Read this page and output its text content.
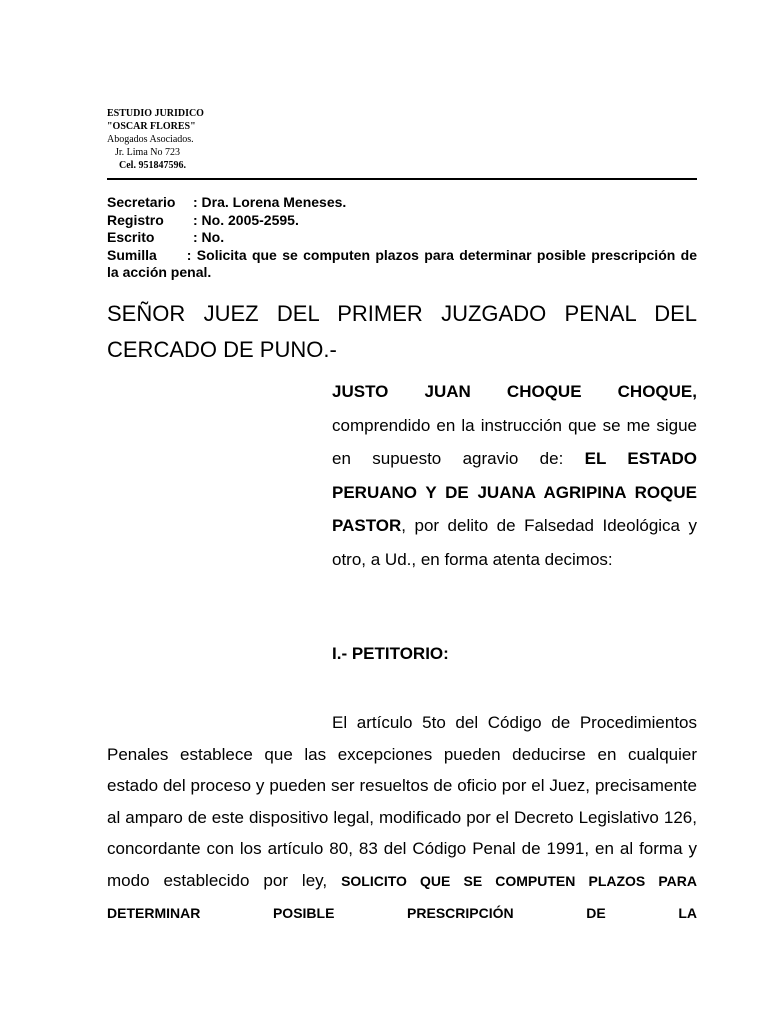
ESTUDIO JURIDICO
"OSCAR FLORES"
Abogados Asociados.
Jr. Lima No 723
Cel. 951847596.
Secretario	: Dra. Lorena Meneses.
Registro	: No. 2005-2595.
Escrito	: No.
Sumilla : Solicita que se computen plazos para determinar posible prescripción de la acción penal.
SEÑOR JUEZ DEL PRIMER JUZGADO PENAL DEL CERCADO DE PUNO.-
JUSTO JUAN CHOQUE CHOQUE, comprendido en la instrucción que se me sigue en supuesto agravio de: EL ESTADO PERUANO Y DE JUANA AGRIPINA ROQUE PASTOR, por delito de Falsedad Ideológica y otro, a Ud., en forma atenta decimos:
I.- PETITORIO:
El artículo 5to del Código de Procedimientos Penales establece que las excepciones pueden deducirse en cualquier estado del proceso y pueden ser resueltos de oficio por el Juez, precisamente al amparo de este dispositivo legal, modificado por el Decreto Legislativo 126, concordante con los artículo 80, 83 del Código Penal de 1991, en al forma y modo establecido por ley, SOLICITO QUE SE COMPUTEN PLAZOS PARA DETERMINAR POSIBLE PRESCRIPCIÓN DE LA
